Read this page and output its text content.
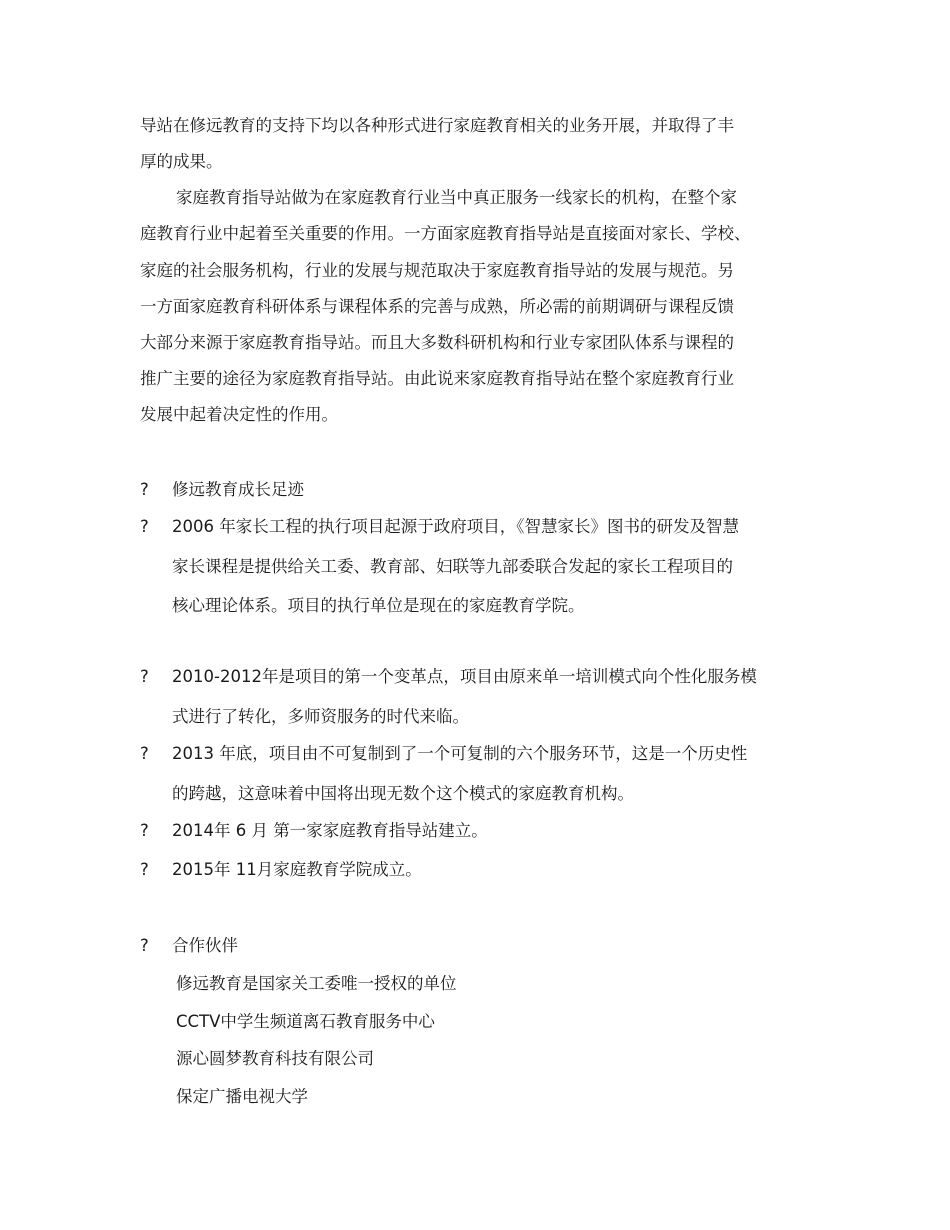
导站在修远教育的支持下均以各种形式进行家庭教育相关的业务开展，并取得了丰
厚的成果。
家庭教育指导站做为在家庭教育行业当中真正服务一线家长的机构，在整个家
庭教育行业中起着至关重要的作用。一方面家庭教育指导站是直接面对家长、学校、
家庭的社会服务机构，行业的发展与规范取决于家庭教育指导站的发展与规范。另
一方面家庭教育科研体系与课程体系的完善与成熟，所必需的前期调研与课程反馈
大部分来源于家庭教育指导站。而且大多数科研机构和行业专家团队体系与课程的
推广主要的途径为家庭教育指导站。由此说来家庭教育指导站在整个家庭教育行业
发展中起着决定性的作用。
? 修远教育成长足迹
? 2006 年家长工程的执行项目起源于政府项目，《智慧家长》图书的研发及智慧
家长课程是提供给关工委、教育部、妇联等九部委联合发起的家长工程项目的
核心理论体系。项目的执行单位是现在的家庭教育学院。
? 2010-2012年是项目的第一个变革点，项目由原来单一培训模式向个性化服务模
式进行了转化，多师资服务的时代来临。
? 2013 年底，项目由不可复制到了一个可复制的六个服务环节，这是一个历史性
的跨越，这意味着中国将出现无数个这个模式的家庭教育机构。
? 2014年 6 月 第一家家庭教育指导站建立。
? 2015年 11月家庭教育学院成立。
? 合作伙伴
修远教育是国家关工委唯一授权的单位
CCTV中学生频道离石教育服务中心
源心圆梦教育科技有限公司
保定广播电视大学
